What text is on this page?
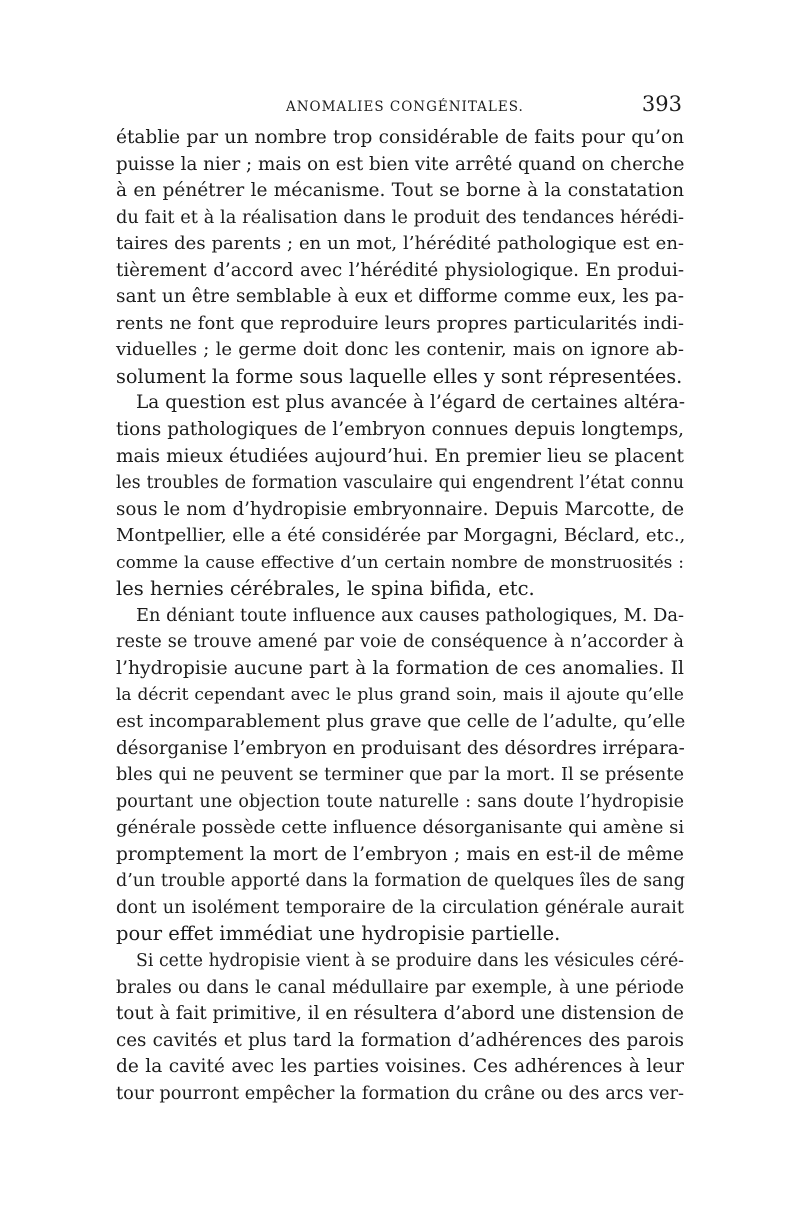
ANOMALIES CONGÉNITALES.	393
établie par un nombre trop considérable de faits pour qu’on
puisse la nier ; mais on est bien vite arrêté quand on cherche
à en pénétrer le mécanisme. Tout se borne à la constatation
du fait et à la réalisation dans le produit des tendances hérédi-
taires des parents ; en un mot, l’hérédité pathologique est en-
tièrement d’accord avec l’hérédité physiologique. En produi-
sant un être semblable à eux et difforme comme eux, les pa-
rents ne font que reproduire leurs propres particularités indi-
viduelles ; le germe doit donc les contenir, mais on ignore ab-
solument la forme sous laquelle elles y sont répresentées.
La question est plus avancée à l’égard de certaines altéra-
tions pathologiques de l’embryon connues depuis longtemps,
mais mieux étudiées aujourd’hui. En premier lieu se placent
les troubles de formation vasculaire qui engendrent l’état connu
sous le nom d’hydropisie embryonnaire. Depuis Marcotte, de
Montpellier, elle a été considérée par Morgagni, Béclard, etc.,
comme la cause effective d’un certain nombre de monstruosités :
les hernies cérébrales, le spina bifida, etc.
En déniant toute influence aux causes pathologiques, M. Da-
reste se trouve amené par voie de conséquence à n’accorder à
l’hydropisie aucune part à la formation de ces anomalies. Il
la décrit cependant avec le plus grand soin, mais il ajoute qu’elle
est incomparablement plus grave que celle de l’adulte, qu’elle
désorganise l’embryon en produisant des désordres irrépara-
bles qui ne peuvent se terminer que par la mort. Il se présente
pourtant une objection toute naturelle : sans doute l’hydropisie
générale possède cette influence désorganisante qui amène si
promptement la mort de l’embryon ; mais en est-il de même
d’un trouble apporté dans la formation de quelques îles de sang
dont un isolément temporaire de la circulation générale aurait
pour effet immédiat une hydropisie partielle.
Si cette hydropisie vient à se produire dans les vésicules céré-
brales ou dans le canal médullaire par exemple, à une période
tout à fait primitive, il en résultera d’abord une distension de
ces cavités et plus tard la formation d’adhérences des parois
de la cavité avec les parties voisines. Ces adhérences à leur
tour pourront empêcher la formation du crâne ou des arcs ver-
